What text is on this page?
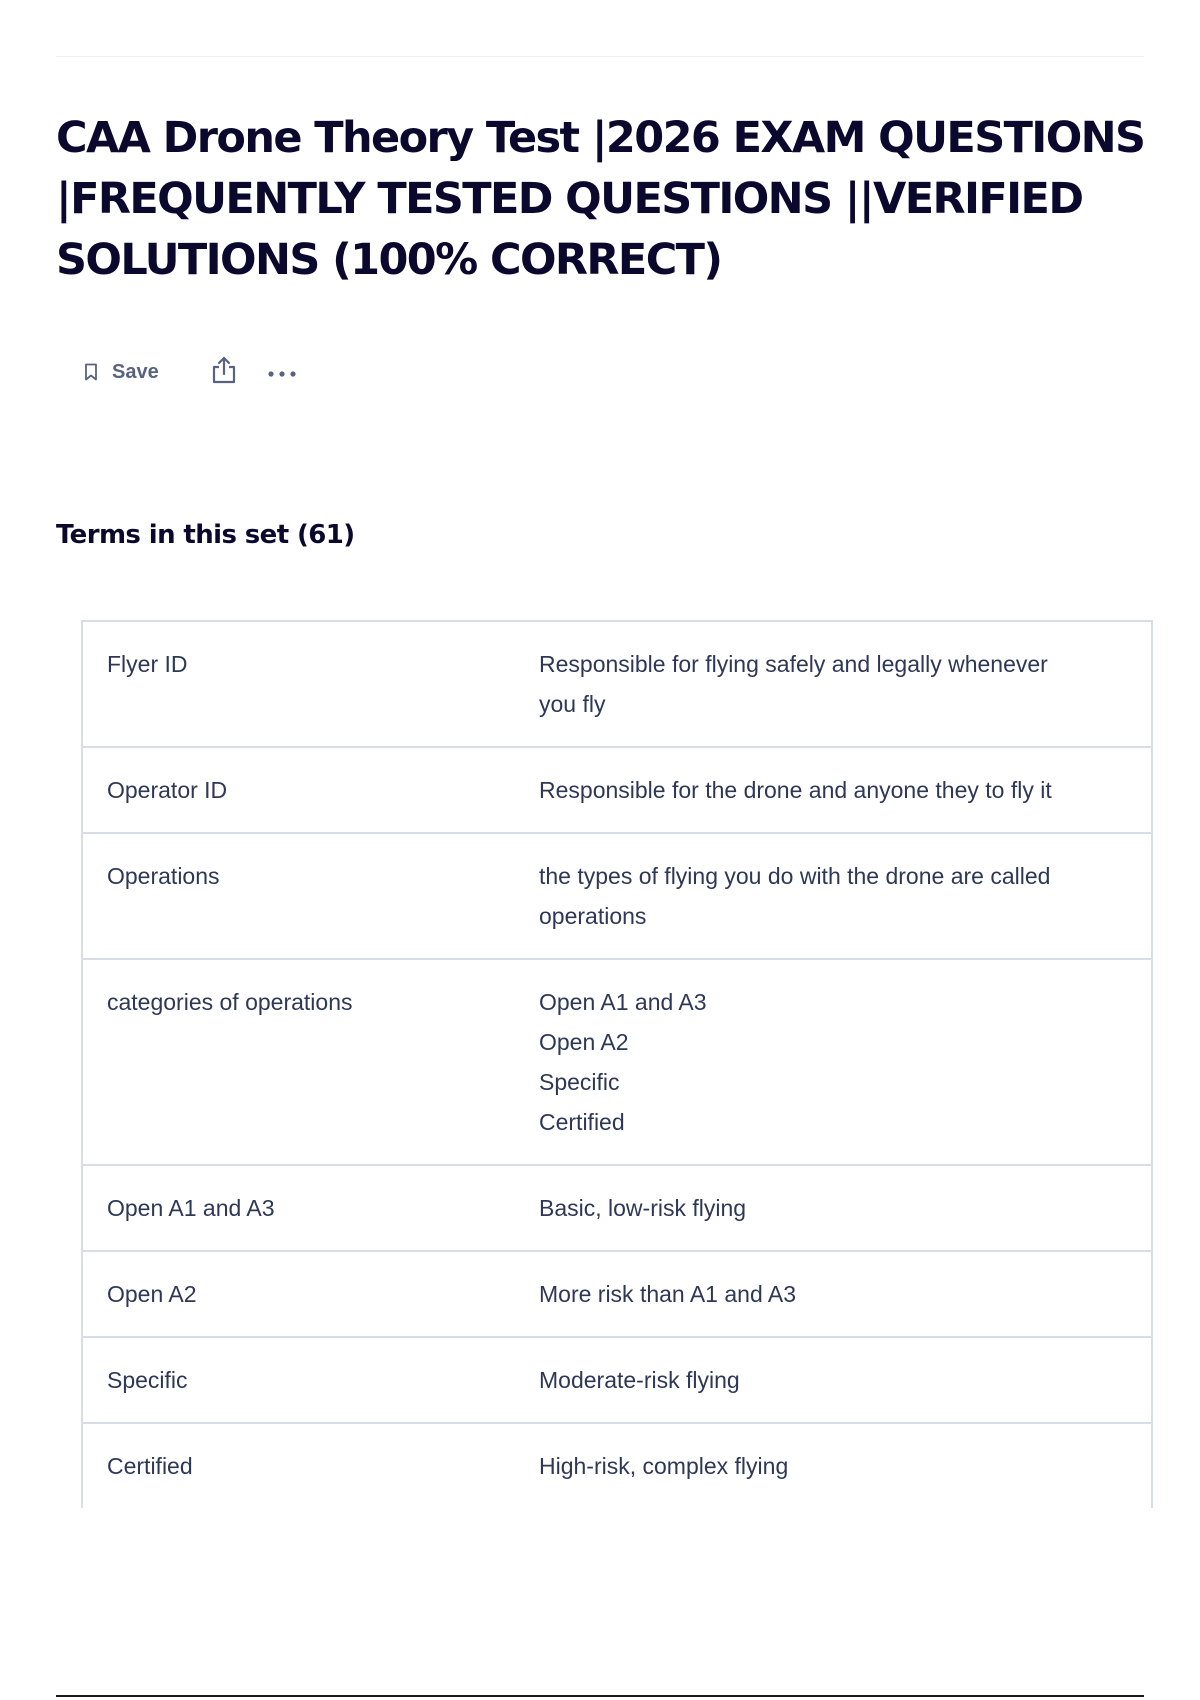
CAA Drone Theory Test |2026 EXAM QUESTIONS
|FREQUENTLY TESTED QUESTIONS ||VERIFIED
SOLUTIONS (100% CORRECT)
Save
Terms in this set (61)
Flyer ID	Responsible for flying safely and legally whenever
you fly
Operator ID	Responsible for the drone and anyone they to fly it
Operations	the types of flying you do with the drone are called
operations
categories of operations	Open A1 and A3
Open A2
Specific
Certified
Open A1 and A3	Basic, low-risk flying
Open A2	More risk than A1 and A3
Specific	Moderate-risk flying
Certified	High-risk, complex flying
